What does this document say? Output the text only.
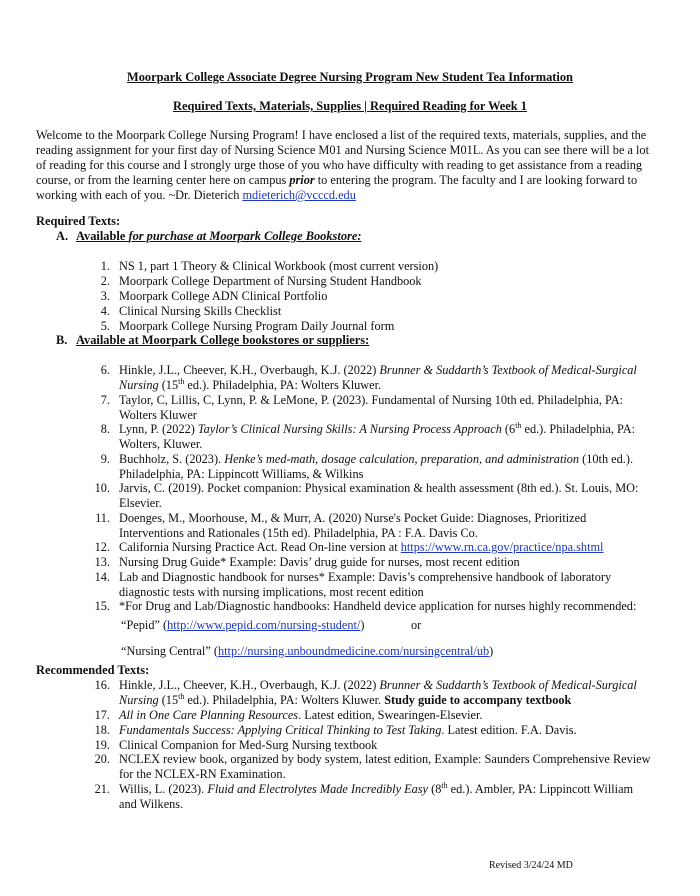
Moorpark College Associate Degree Nursing Program New Student Tea Information
Required Texts, Materials, Supplies | Required Reading for Week 1
Welcome to the Moorpark College Nursing Program! I have enclosed a list of the required texts, materials, supplies, and the reading assignment for your first day of Nursing Science M01 and Nursing Science M01L. As you can see there will be a lot of reading for this course and I strongly urge those of you who have difficulty with reading to get assistance from a reading course, or from the learning center here on campus prior to entering the program. The faculty and I are looking forward to working with each of you. ~Dr. Dieterich mdieterich@vcccd.edu
Required Texts:
A. Available for purchase at Moorpark College Bookstore:
1. NS 1, part 1 Theory & Clinical Workbook (most current version)
2. Moorpark College Department of Nursing Student Handbook
3. Moorpark College ADN Clinical Portfolio
4. Clinical Nursing Skills Checklist
5. Moorpark College Nursing Program Daily Journal form
B. Available at Moorpark College bookstores or suppliers:
6. Hinkle, J.L., Cheever, K.H., Overbaugh, K.J. (2022) Brunner & Suddarth’s Textbook of Medical-Surgical
Nursing (15th ed.). Philadelphia, PA: Wolters Kluwer.
7. Taylor, C, Lillis, C, Lynn, P. & LeMone, P. (2023). Fundamental of Nursing 10th ed. Philadelphia, PA:
Wolters Kluwer
8. Lynn, P. (2022) Taylor’s Clinical Nursing Skills: A Nursing Process Approach (6th ed.). Philadelphia, PA:
Wolters, Kluwer.
9. Buchholz, S. (2023). Henke’s med-math, dosage calculation, preparation, and administration (10th ed.).
Philadelphia, PA: Lippincott Williams, & Wilkins
10. Jarvis, C. (2019). Pocket companion: Physical examination & health assessment (8th ed.). St. Louis, MO:
Elsevier.
11. Doenges, M., Moorhouse, M., & Murr, A. (2020) Nurse's Pocket Guide: Diagnoses, Prioritized
Interventions and Rationales (15th ed). Philadelphia, PA : F.A. Davis Co.
12. California Nursing Practice Act. Read On-line version at https://www.rn.ca.gov/practice/npa.shtml
13. Nursing Drug Guide* Example: Davis’ drug guide for nurses, most recent edition
14. Lab and Diagnostic handbook for nurses* Example: Davis’s comprehensive handbook of laboratory
diagnostic tests with nursing implications, most recent edition
15. *For Drug and Lab/Diagnostic handbooks: Handheld device application for nurses highly recommended:
“Pepid” (http://www.pepid.com/nursing-student/)	or
“Nursing Central” (http://nursing.unboundmedicine.com/nursingcentral/ub)
Recommended Texts:
16. Hinkle, J.L., Cheever, K.H., Overbaugh, K.J. (2022) Brunner & Suddarth’s Textbook of Medical-Surgical
Nursing (15th ed.). Philadelphia, PA: Wolters Kluwer. Study guide to accompany textbook
17. All in One Care Planning Resources. Latest edition, Swearingen-Elsevier.
18. Fundamentals Success: Applying Critical Thinking to Test Taking. Latest edition. F.A. Davis.
19. Clinical Companion for Med-Surg Nursing textbook
20. NCLEX review book, organized by body system, latest edition, Example: Saunders Comprehensive Review
for the NCLEX-RN Examination.
21. Willis, L. (2023). Fluid and Electrolytes Made Incredibly Easy (8th ed.). Ambler, PA: Lippincott William
and Wilkens.
Revised 3/24/24 MD
